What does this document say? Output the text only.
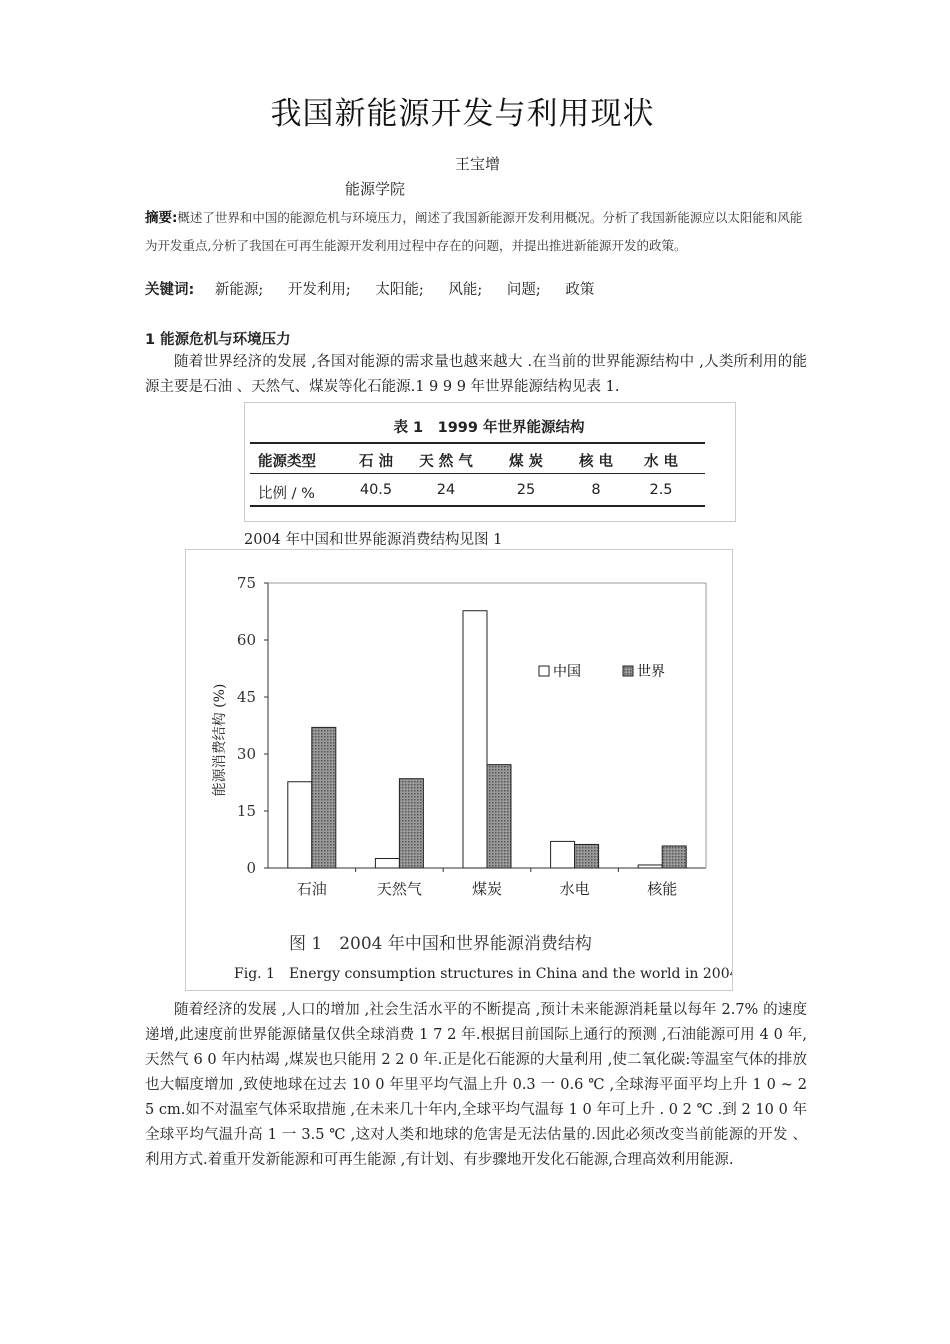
我国新能源开发与利用现状
王宝增
能源学院
摘要:概述了世界和中国的能源危机与环境压力，阐述了我国新能源开发利用概况。分析了我国新能源应以太阳能和风能为开发重点,分析了我国在可再生能源开发利用过程中存在的问题，并提出推进新能源开发的政策。
关键词: 新能源; 开发利用; 太阳能; 风能; 问题; 政策
1 能源危机与环境压力
随着世界经济的发展 ,各国对能源的需求量也越来越大 .在当前的世界能源结构中 ,人类所利用的能源主要是石油 、天然气、煤炭等化石能源.1 9 9 9 年世界能源结构见表 1.
表 1　1999 年世界能源结构
能源类型	石 油	天 然 气	煤 炭	核 电	水 电
比例 / %	40.5	24	25	8	2.5
2004 年中国和世界能源消费结构见图 1
0
15
30
45
60
75
石油	天然气	煤炭	水电	核能
能源消费结构 (%)
中国	世界
图 1　2004 年中国和世界能源消费结构
Fig. 1　Energy consumption structures in China and the world in 2004
随着经济的发展 ,人口的增加 ,社会生活水平的不断提高 ,预计未来能源消耗量以每年 2.7% 的速度递增,此速度前世界能源储量仅供全球消费 1 7 2 年.根据目前国际上通行的预测 ,石油能源可用 4 0 年,天然气 6 0 年内枯竭 ,煤炭也只能用 2 2 0 年.正是化石能源的大量利用 ,使二氧化碳:等温室气体的排放也大幅度增加 ,致使地球在过去 10 0 年里平均气温上升 0.3 一 0.6 ℃ ,全球海平面平均上升 1 0 ~ 2 5 cm.如不对温室气体采取措施 ,在未来几十年内,全球平均气温每 1 0 年可上升 . 0 2 ℃ .到 2 10 0 年全球平均气温升高 1 一 3.5 ℃ ,这对人类和地球的危害是无法估量的.因此必须改变当前能源的开发 、利用方式.着重开发新能源和可再生能源 ,有计划、有步骤地开发化石能源,合理高效利用能源.
